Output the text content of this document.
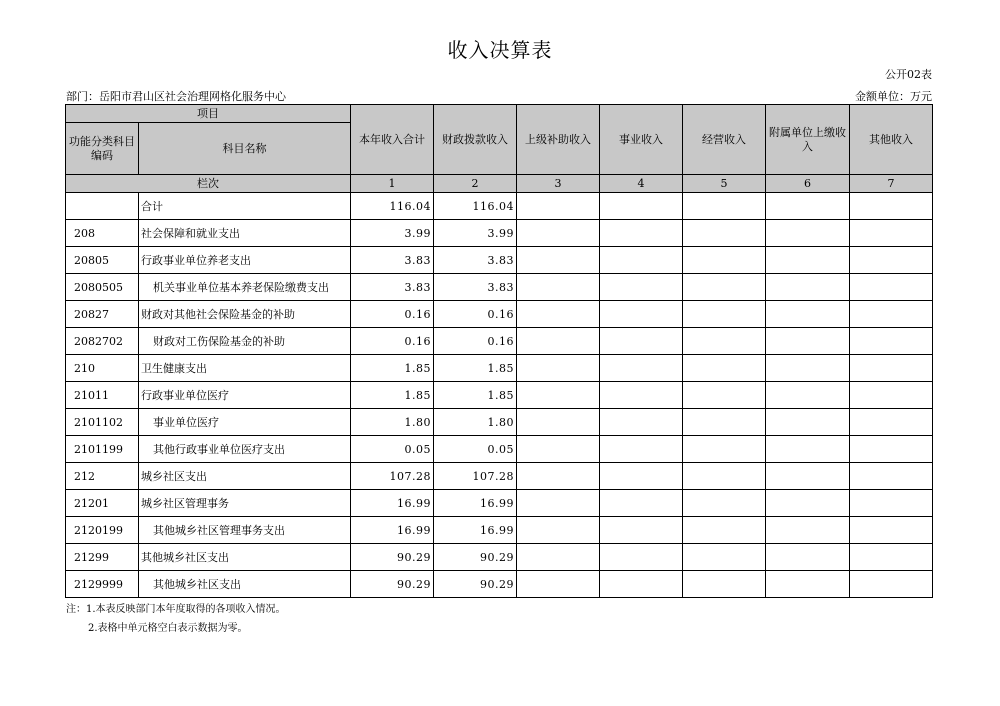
收入决算表
公开02表
部门：岳阳市君山区社会治理网格化服务中心	金额单位：万元
项目		本年收入合计	财政拨款收入	上级补助收入	事业收入	经营收入	附属单位上缴收入	其他收入
功能分类科目编码	科目名称							
栏次		1	2	3	4	5	6	7
	合计	116.04	116.04					
208	社会保障和就业支出	3.99	3.99					
20805	行政事业单位养老支出	3.83	3.83					
2080505	机关事业单位基本养老保险缴费支出	3.83	3.83					
20827	财政对其他社会保险基金的补助	0.16	0.16					
2082702	财政对工伤保险基金的补助	0.16	0.16					
210	卫生健康支出	1.85	1.85					
21011	行政事业单位医疗	1.85	1.85					
2101102	事业单位医疗	1.80	1.80					
2101199	其他行政事业单位医疗支出	0.05	0.05					
212	城乡社区支出	107.28	107.28					
21201	城乡社区管理事务	16.99	16.99					
2120199	其他城乡社区管理事务支出	16.99	16.99					
21299	其他城乡社区支出	90.29	90.29					
2129999	其他城乡社区支出	90.29	90.29					
注：1.本表反映部门本年度取得的各项收入情况。
2.表格中单元格空白表示数据为零。
